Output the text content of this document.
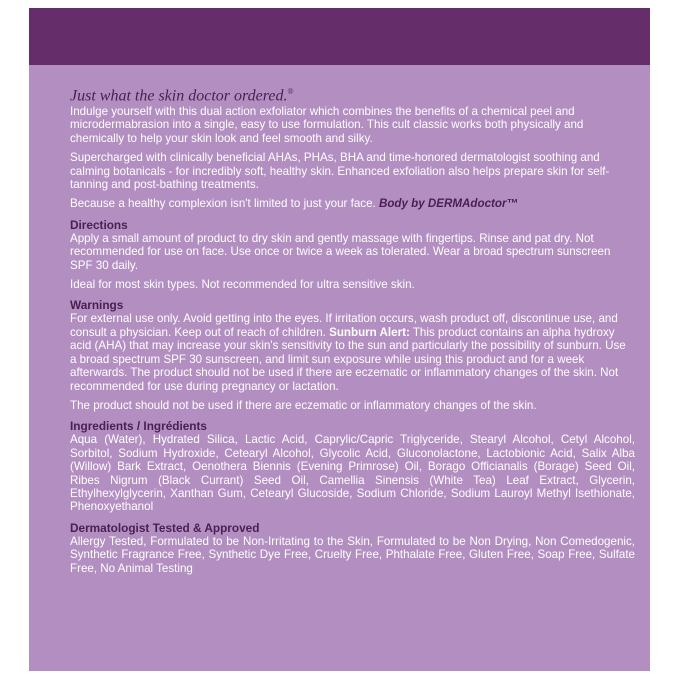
Just what the skin doctor ordered.®

Indulge yourself with this dual action exfoliator which combines the benefits of a chemical peel and microdermabrasion into a single, easy to use formulation. This cult classic works both physically and chemically to help your skin look and feel smooth and silky.

Supercharged with clinically beneficial AHAs, PHAs, BHA and time-honored dermatologist soothing and calming botanicals - for incredibly soft, healthy skin. Enhanced exfoliation also helps prepare skin for self-tanning and post-bathing treatments.

Because a healthy complexion isn't limited to just your face. Body by DERMAdoctor™

Directions

Apply a small amount of product to dry skin and gently massage with fingertips. Rinse and pat dry. Not recommended for use on face. Use once or twice a week as tolerated. Wear a broad spectrum sunscreen SPF 30 daily.

Ideal for most skin types. Not recommended for ultra sensitive skin.

Warnings

For external use only. Avoid getting into the eyes. If irritation occurs, wash product off, discontinue use, and consult a physician. Keep out of reach of children. Sunburn Alert: This product contains an alpha hydroxy acid (AHA) that may increase your skin's sensitivity to the sun and particularly the possibility of sunburn. Use a broad spectrum SPF 30 sunscreen, and limit sun exposure while using this product and for a week afterwards. The product should not be used if there are eczematic or inflammatory changes of the skin. Not recommended for use during pregnancy or lactation.

The product should not be used if there are eczematic or inflammatory changes of the skin.

Ingredients / Ingrédients

Aqua (Water), Hydrated Silica, Lactic Acid, Caprylic/Capric Triglyceride, Stearyl Alcohol, Cetyl Alcohol, Sorbitol, Sodium Hydroxide, Cetearyl Alcohol, Glycolic Acid, Gluconolactone, Lactobionic Acid, Salix Alba (Willow) Bark Extract, Oenothera Biennis (Evening Primrose) Oil, Borago Officianalis (Borage) Seed Oil, Ribes Nigrum (Black Currant) Seed Oil, Camellia Sinensis (White Tea) Leaf Extract, Glycerin, Ethylhexylglycerin, Xanthan Gum, Cetearyl Glucoside, Sodium Chloride, Sodium Lauroyl Methyl Isethionate, Phenoxyethanol

Dermatologist Tested & Approved

Allergy Tested, Formulated to be Non-Irritating to the Skin, Formulated to be Non Drying, Non Comedogenic, Synthetic Fragrance Free, Synthetic Dye Free, Cruelty Free, Phthalate Free, Gluten Free, Soap Free, Sulfate Free, No Animal Testing
